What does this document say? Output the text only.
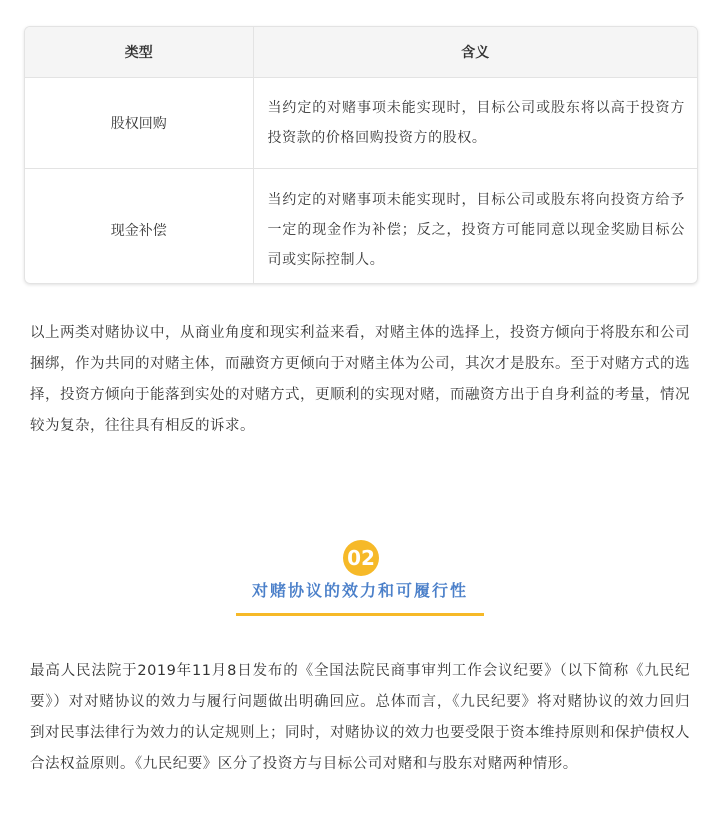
类型	含义
股权回购	当约定的对赌事项未能实现时，目标公司或股东将以高于投资方投资款的价格回购投资方的股权。
现金补偿	当约定的对赌事项未能实现时，目标公司或股东将向投资方给予一定的现金作为补偿；反之，投资方可能同意以现金奖励目标公司或实际控制人。

以上两类对赌协议中，从商业角度和现实利益来看，对赌主体的选择上，投资方倾向于将股东和公司捆绑，作为共同的对赌主体，而融资方更倾向于对赌主体为公司，其次才是股东。至于对赌方式的选择，投资方倾向于能落到实处的对赌方式，更顺利的实现对赌，而融资方出于自身利益的考量，情况较为复杂，往往具有相反的诉求。

02
对赌协议的效力和可履行性

最高人民法院于2019年11月8日发布的《全国法院民商事审判工作会议纪要》（以下简称《九民纪要》）对对赌协议的效力与履行问题做出明确回应。总体而言，《九民纪要》将对赌协议的效力回归到对民事法律行为效力的认定规则上；同时，对赌协议的效力也要受限于资本维持原则和保护债权人合法权益原则。《九民纪要》区分了投资方与目标公司对赌和与股东对赌两种情形。
